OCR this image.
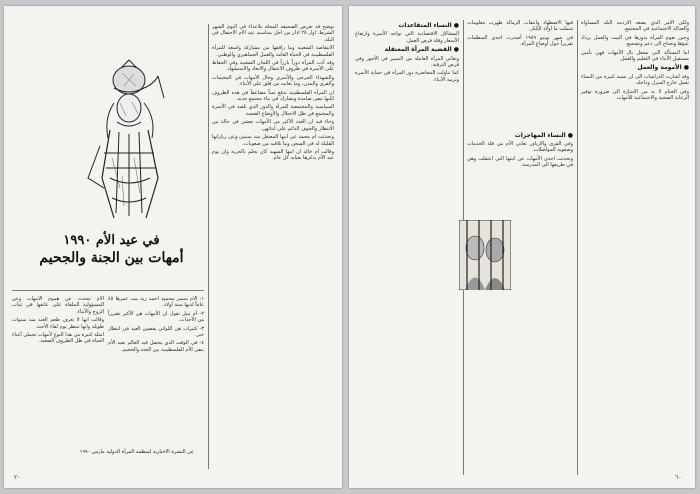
في عيد الأم ١٩٩٠
أمهات بين الجنة والجحيم

نوضح قد تعرض الصحيفة المجلة بلاعداء في اليوم الشهر الشرط. اول ٢٥ اذار من اجل بمناسبة عيد الام الاحتفال في البلد.

الانتفاضة الشعبية وما رافقها من مشاركة واسعة للمرأة الفلسطينية في الحياة العامة والعمل الجماهيري والوطني.

وقد أدت المرأة دوراً بارزاً في اللجان الشعبية وفي الحفاظ على الأسرة في ظروف الاعتقال والابعاد والاستشهاد.

والشهداء الجرحى والأسرى وحال الأمهات في المخيمات والقرى والمدن، وما تعانيه من قلق على الأبناء.

ان المرأة الفلسطينية تدفع ثمناً مضاعفاً في هذه الظروف لكنها تبقى صامدة وتشارك في بناء مجتمع جديد.

السياسية والمجتمعية للمرأة والدور الذي تلعبه في الأسرة والمجتمع في ظل الاحتلال والأوضاع الصعبة.

وجاء فيه ان العدد الأكبر من الأمهات يعشن في حالة من الانتظار والخوف الدائم على أبنائهن.

وتحدثت أم محمد عن ابنها المعتقل منذ سنتين وعن زياراتها القليلة له في السجن وما تلاقيه من صعوبات.

وقالت أم خالد ان ابنها الشهيد كان يحلم بالحرية وان يوم عيد الأم يذكرها بغيابه كل عام.

١- الأم سمير محمود احمد ربة بيت عمرها ٤٥ عاماً لديها ستة أولاد.

٢- أم نبيل تقول ان الأمهات هن الأكثر تضرراً من الأحداث.

٣- كثيرات هن اللواتي يقضين العيد في انتظار خبر.

٤- في الوقت الذي يحتفل فيه العالم بعيد الأم تبقى الأم الفلسطينية بين الجنة والجحيم.

الأم تتحدث عن هموم الأمهات وعن المسؤولية الملقاة على عاتقها في غياب الزوج والأبناء.

وقالت انها لا تعرف طعم العيد منذ سنوات طويلة وانها تنتظر يوم لقاء الأحبة.

امثلة كثيرة من هذا النوع لأمهات تحملن أعباء الحياة في ظل الظروف الصعبة.

عن النشرة الاخبارية لمنظمة المرأة الدولية مارس ١٩٩٠
٢٠

ولكن الأمر الذي يضعه الاردنية البلد المساواة والعدالة الاجتماعية في المجتمع.

وحين تقوم المرأة بدورها في البيت والعمل يزداد عبؤها وتحتاج الى دعم وتشجيع.

اما المسألة التي تشغل بال الأمهات فهي تأمين مستقبل الأبناء في التعليم والعمل.

● الأمومة والعمل

وقد أشارت الدراسات الى ان نسبة كبيرة من النساء تعمل خارج المنزل وداخله.

وفي الختام لا بد من الاشارة الى ضرورة توفير الرعاية الصحية والاجتماعية للأمهات.

فيها الاضطهاد وانتقاب الزمالة ظهرت معلومات شملت ما اولاد الكبار.

في شهر يونيو ١٩٨٩ أصدرت احدى المنظمات تقريراً حول أوضاع المرأة.

● النساء المهاجرات

وفي القرى والارياف تعاني الأم من قلة الخدمات وصعوبة المواصلات.

وتحدثت احدى الأمهات عن ابنتها التي اعتقلت وهي في طريقها الى المدرسة.

● النساء المتقاعدات

المشاكل الاقتصادية التي تواجه الأسرة وارتفاع الأسعار وقلة فرص العمل.

● القضية المرأة المعتقلة

وتعاني المرأة العاملة من التمييز في الأجور وفي فرص الترقية.

كما تناولت المحاضرة دور المرأة في حماية الأسرة وتربية الأبناء.

٦٠
